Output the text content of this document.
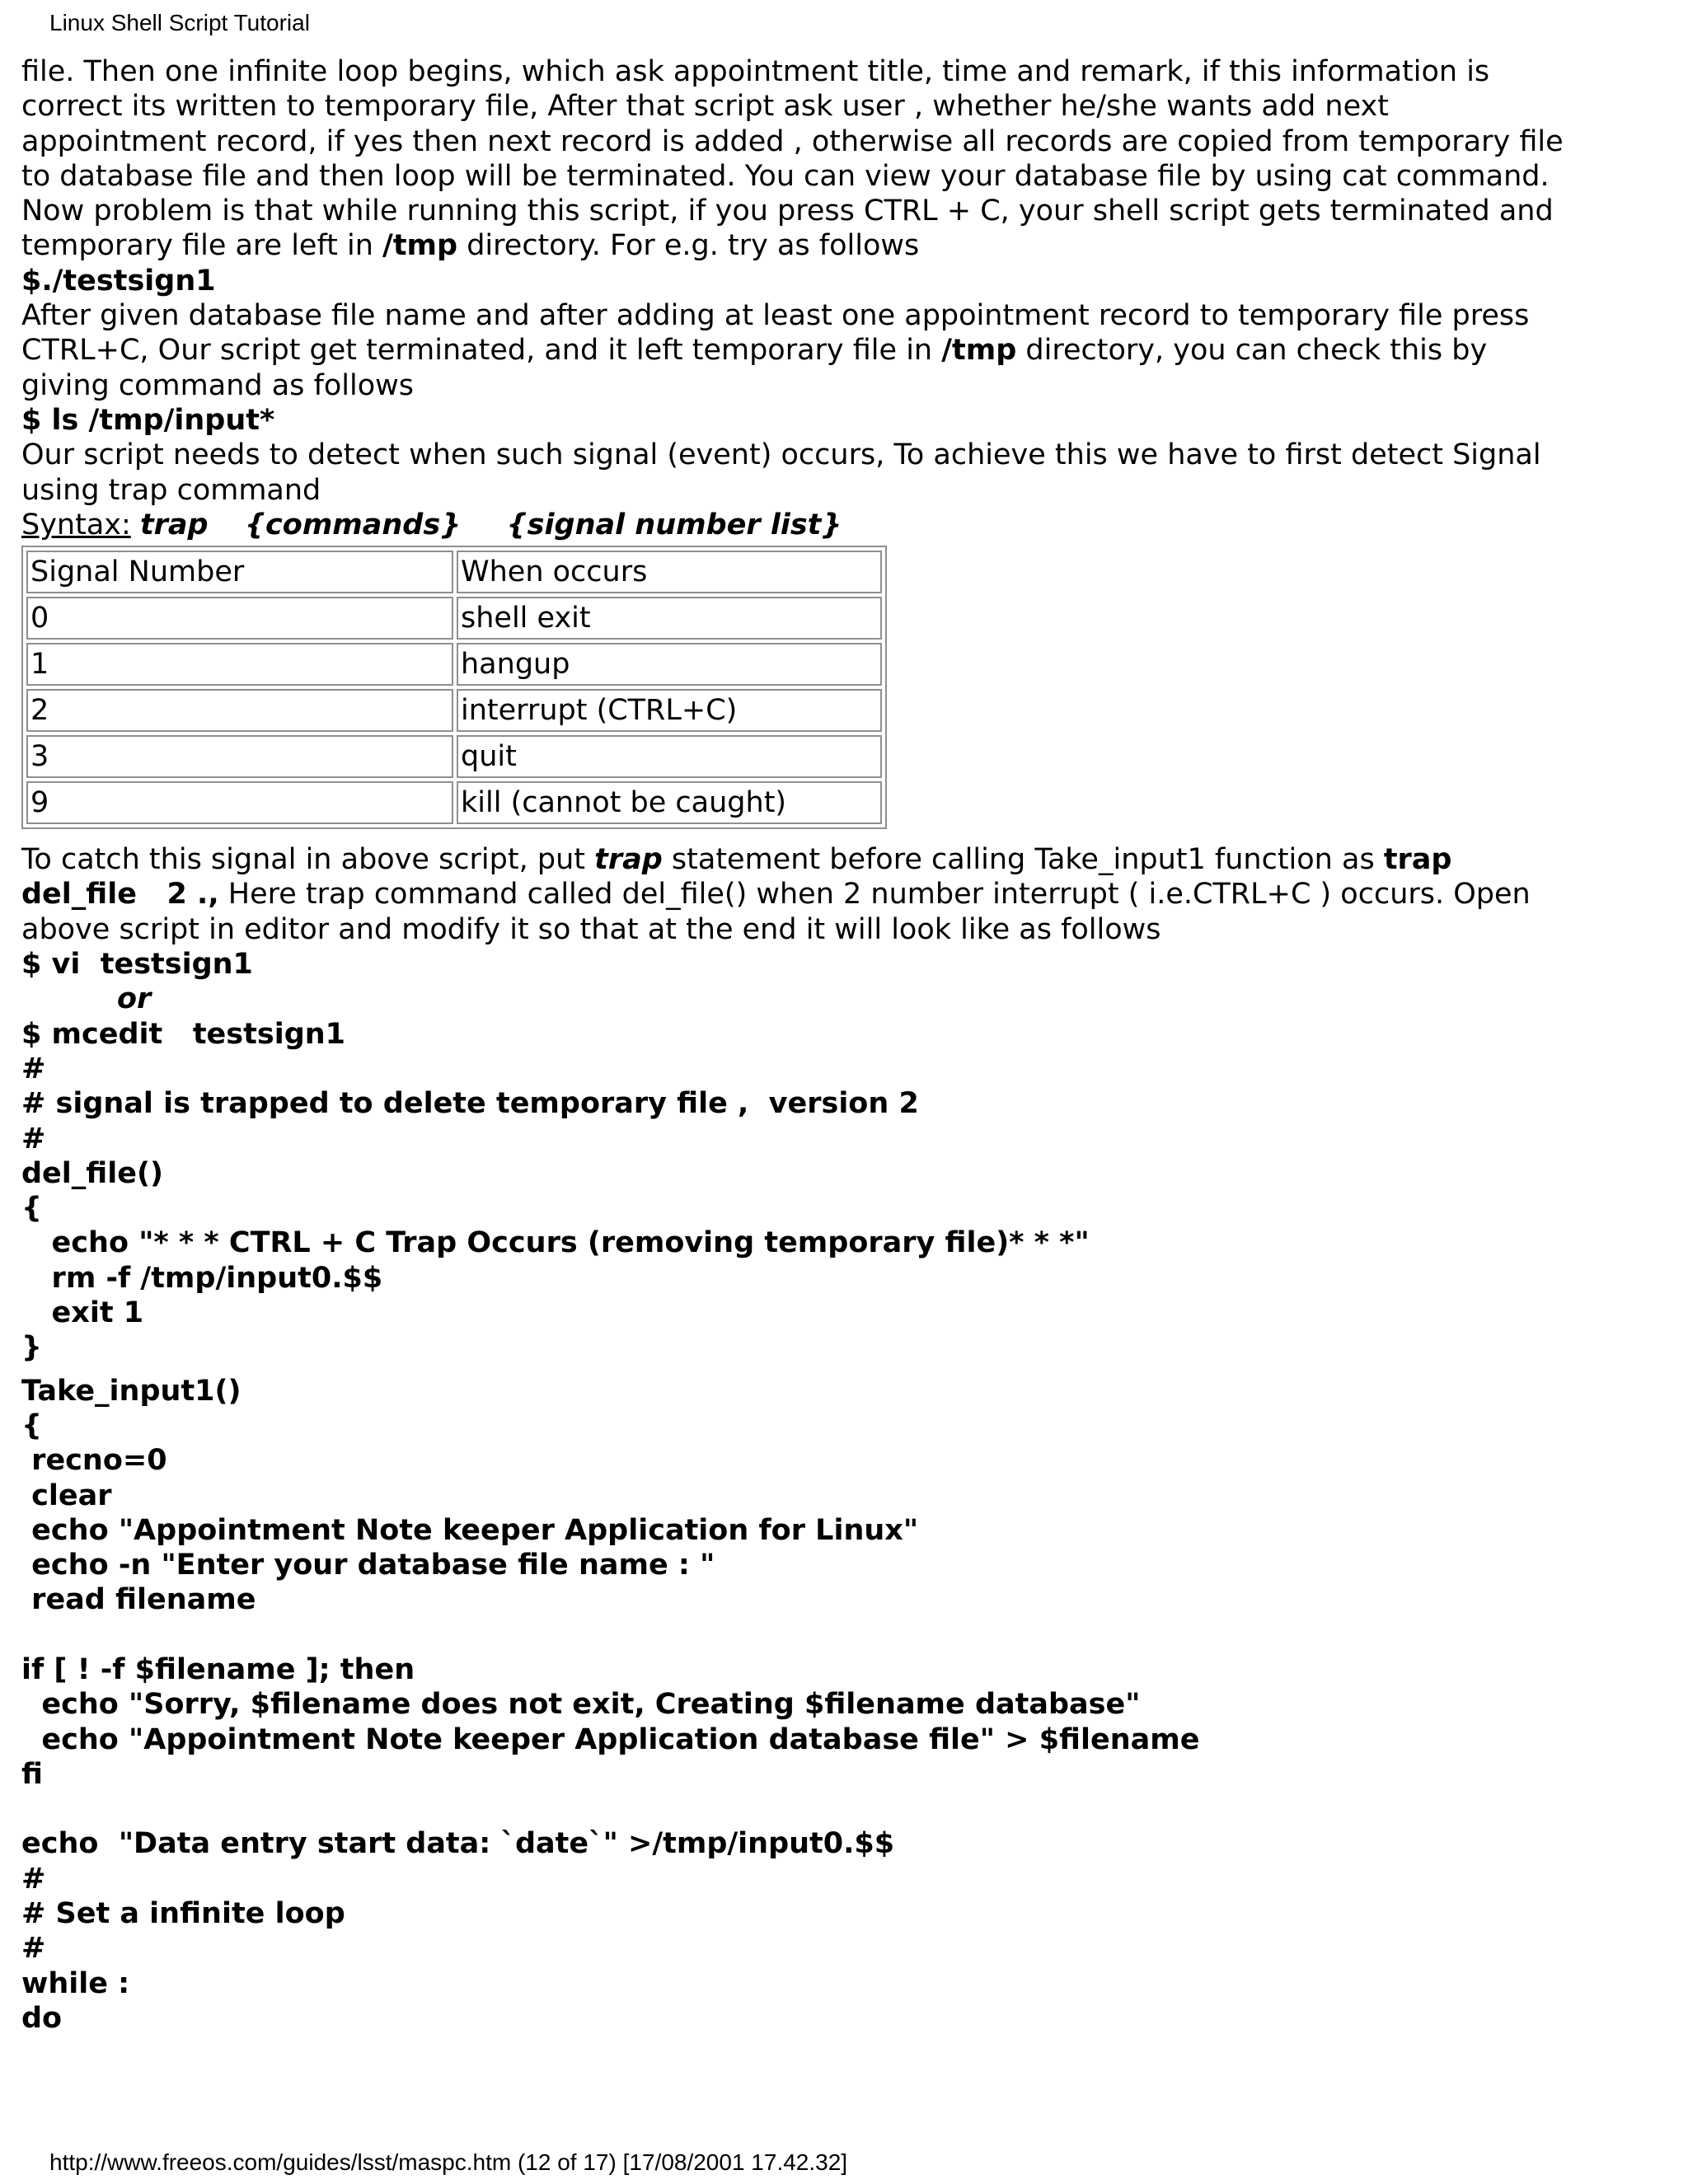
Linux Shell Script Tutorial
file. Then one infinite loop begins, which ask appointment title, time and remark, if this information is
correct its written to temporary file, After that script ask user , whether he/she wants add next
appointment record, if yes then next record is added , otherwise all records are copied from temporary file
to database file and then loop will be terminated. You can view your database file by using cat command.
Now problem is that while running this script, if you press CTRL + C, your shell script gets terminated and
temporary file are left in /tmp directory. For e.g. try as follows
$./testsign1
After given database file name and after adding at least one appointment record to temporary file press
CTRL+C, Our script get terminated, and it left temporary file in /tmp directory, you can check this by
giving command as follows
$ ls /tmp/input*
Our script needs to detect when such signal (event) occurs, To achieve this we have to first detect Signal
using trap command
Syntax: trap {commands} {signal number list}
Signal Number	When occurs
0	shell exit
1	hangup
2	interrupt (CTRL+C)
3	quit
9	kill (cannot be caught)
To catch this signal in above script, put trap statement before calling Take_input1 function as trap
del_file   2 ., Here trap command called del_file() when 2 number interrupt ( i.e.CTRL+C ) occurs. Open
above script in editor and modify it so that at the end it will look like as follows
$ vi  testsign1
or
$ mcedit   testsign1
#
# signal is trapped to delete temporary file ,  version 2
#
del_file()
{
echo "* * * CTRL + C Trap Occurs (removing temporary file)* * *"
rm -f /tmp/input0.$$
exit 1
}
Take_input1()
{
recno=0
clear
echo "Appointment Note keeper Application for Linux"
echo -n "Enter your database file name : "
read filename

if [ ! -f $filename ]; then
echo "Sorry, $filename does not exit, Creating $filename database"
echo "Appointment Note keeper Application database file" > $filename
fi

echo  "Data entry start data: `date`" >/tmp/input0.$$
#
# Set a infinite loop
#
while :
do
http://www.freeos.com/guides/lsst/maspc.htm (12 of 17) [17/08/2001 17.42.32]
